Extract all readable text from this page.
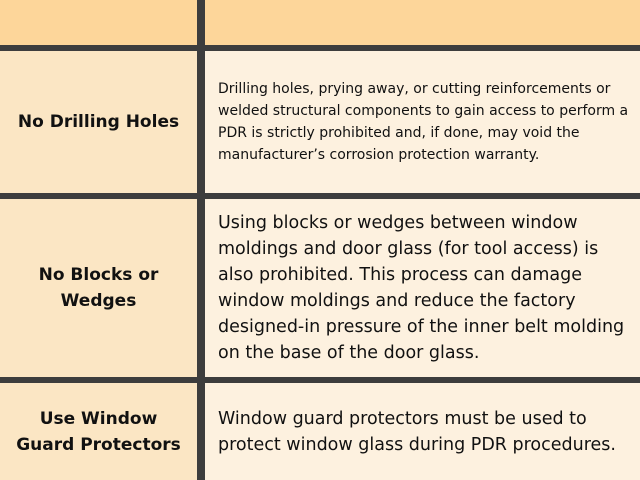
No Drilling Holes
Drilling holes, prying away, or cutting reinforcements or welded structural components to gain access to perform a PDR is strictly prohibited and, if done, may void the manufacturer’s corrosion protection warranty.
No Blocks or Wedges
Using blocks or wedges between window moldings and door glass (for tool access) is also prohibited. This process can damage window moldings and reduce the factory designed-in pressure of the inner belt molding on the base of the door glass.
Use Window Guard Protectors
Window guard protectors must be used to protect window glass during PDR procedures.
